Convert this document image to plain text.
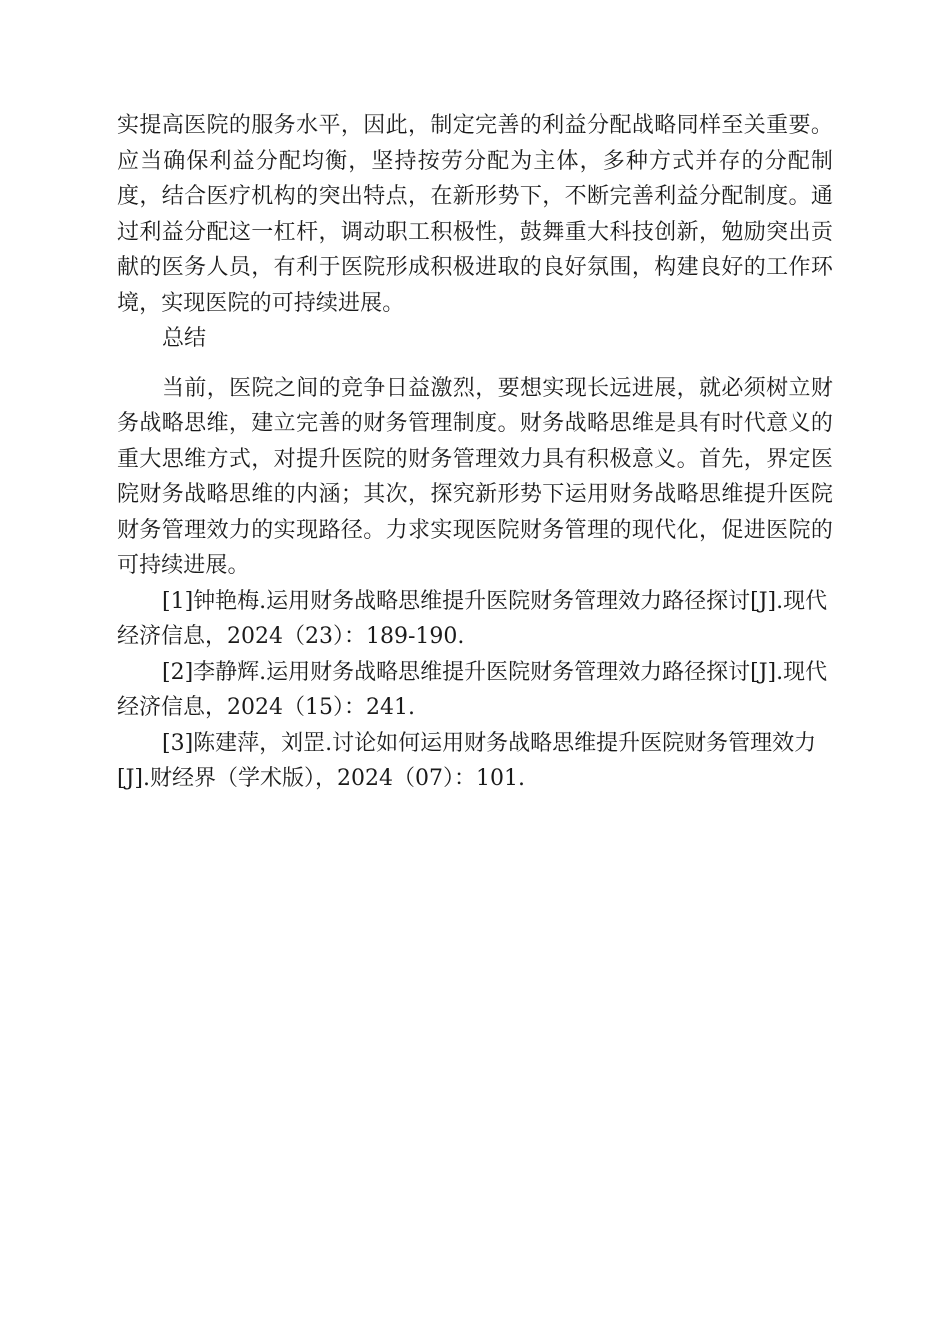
实提高医院的服务水平，因此，制定完善的利益分配战略同样至关重要。应当确保利益分配均衡，坚持按劳分配为主体，多种方式并存的分配制度，结合医疗机构的突出特点，在新形势下，不断完善利益分配制度。通过利益分配这一杠杆，调动职工积极性，鼓舞重大科技创新，勉励突出贡献的医务人员，有利于医院形成积极进取的良好氛围，构建良好的工作环境，实现医院的可持续进展。

总结

当前，医院之间的竞争日益激烈，要想实现长远进展，就必须树立财务战略思维，建立完善的财务管理制度。财务战略思维是具有时代意义的重大思维方式，对提升医院的财务管理效力具有积极意义。首先，界定医院财务战略思维的内涵；其次，探究新形势下运用财务战略思维提升医院财务管理效力的实现路径。力求实现医院财务管理的现代化，促进医院的可持续进展。

[1]钟艳梅.运用财务战略思维提升医院财务管理效力路径探讨[J].现代经济信息，2024（23）：189-190.

[2]李静辉.运用财务战略思维提升医院财务管理效力路径探讨[J].现代经济信息，2024（15）：241.

[3]陈建萍，刘罡.讨论如何运用财务战略思维提升医院财务管理效力[J].财经界（学术版），2024（07）：101.
